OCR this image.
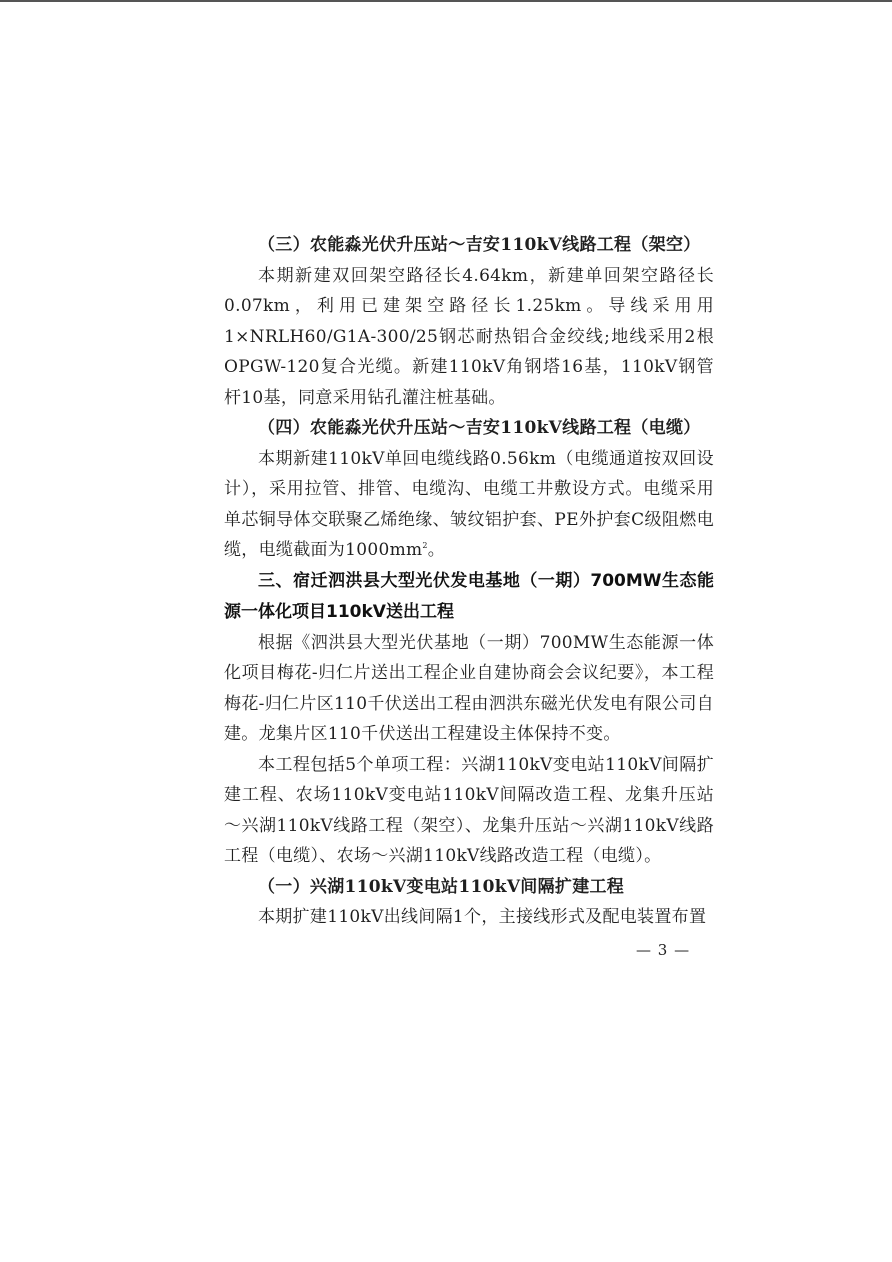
（三）农能淼光伏升压站～吉安110kV线路工程（架空）

本期新建双回架空路径长4.64km，新建单回架空路径长0.07km，利用已建架空路径长1.25km。导线采用用1×NRLH60/G1A-300/25钢芯耐热铝合金绞线;地线采用2根OPGW-120复合光缆。新建110kV角钢塔16基，110kV钢管杆10基，同意采用钻孔灌注桩基础。

（四）农能淼光伏升压站～吉安110kV线路工程（电缆）

本期新建110kV单回电缆线路0.56km（电缆通道按双回设计），采用拉管、排管、电缆沟、电缆工井敷设方式。电缆采用单芯铜导体交联聚乙烯绝缘、皱纹铝护套、PE外护套C级阻燃电缆，电缆截面为$1000mm^2$。

三、宿迁泗洪县大型光伏发电基地（一期）700MW生态能源一体化项目110kV送出工程

根据《泗洪县大型光伏基地（一期）700MW生态能源一体化项目梅花-归仁片送出工程企业自建协商会会议纪要》，本工程梅花-归仁片区110千伏送出工程由泗洪东磁光伏发电有限公司自建。龙集片区110千伏送出工程建设主体保持不变。

本工程包括5个单项工程：兴湖110kV变电站110kV间隔扩建工程、农场110kV变电站110kV间隔改造工程、龙集升压站～兴湖110kV线路工程（架空）、龙集升压站～兴湖110kV线路工程（电缆）、农场～兴湖110kV线路改造工程（电缆）。

（一）兴湖110kV变电站110kV间隔扩建工程

本期扩建110kV出线间隔1个，主接线形式及配电装置布置

— 3 —
